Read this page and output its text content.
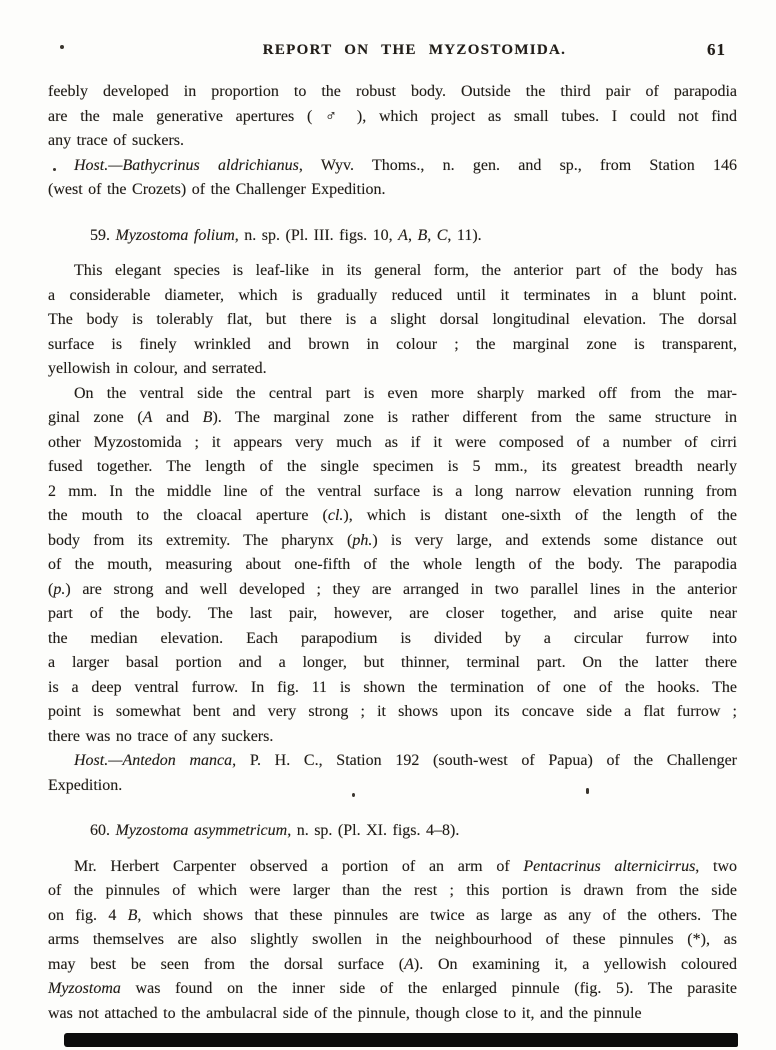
REPORT ON THE MYZOSTOMIDA.	61
feebly developed in proportion to the robust body. Outside the third pair of parapodia
are the male generative apertures ( ♂ ), which project as small tubes. I could not find
any trace of suckers.
Host.—Bathycrinus aldrichianus, Wyv. Thoms., n. gen. and sp., from Station 146
(west of the Crozets) of the Challenger Expedition.
59. Myzostoma folium, n. sp. (Pl. III. figs. 10, A, B, C, 11).
This elegant species is leaf-like in its general form, the anterior part of the body has
a considerable diameter, which is gradually reduced until it terminates in a blunt point.
The body is tolerably flat, but there is a slight dorsal longitudinal elevation. The dorsal
surface is finely wrinkled and brown in colour ; the marginal zone is transparent,
yellowish in colour, and serrated.
On the ventral side the central part is even more sharply marked off from the mar-
ginal zone (A and B). The marginal zone is rather different from the same structure in
other Myzostomida ; it appears very much as if it were composed of a number of cirri
fused together. The length of the single specimen is 5 mm., its greatest breadth nearly
2 mm. In the middle line of the ventral surface is a long narrow elevation running from
the mouth to the cloacal aperture (cl.), which is distant one-sixth of the length of the
body from its extremity. The pharynx (ph.) is very large, and extends some distance out
of the mouth, measuring about one-fifth of the whole length of the body. The parapodia
(p.) are strong and well developed ; they are arranged in two parallel lines in the anterior
part of the body. The last pair, however, are closer together, and arise quite near
the median elevation. Each parapodium is divided by a circular furrow into
a larger basal portion and a longer, but thinner, terminal part. On the latter there
is a deep ventral furrow. In fig. 11 is shown the termination of one of the hooks. The
point is somewhat bent and very strong ; it shows upon its concave side a flat furrow ;
there was no trace of any suckers.
Host.—Antedon manca, P. H. C., Station 192 (south-west of Papua) of the Challenger
Expedition.
60. Myzostoma asymmetricum, n. sp. (Pl. XI. figs. 4–8).
Mr. Herbert Carpenter observed a portion of an arm of Pentacrinus alternicirrus, two
of the pinnules of which were larger than the rest ; this portion is drawn from the side
on fig. 4 B, which shows that these pinnules are twice as large as any of the others. The
arms themselves are also slightly swollen in the neighbourhood of these pinnules (*), as
may best be seen from the dorsal surface (A). On examining it, a yellowish coloured
Myzostoma was found on the inner side of the enlarged pinnule (fig. 5). The parasite
was not attached to the ambulacral side of the pinnule, though close to it, and the pinnule
